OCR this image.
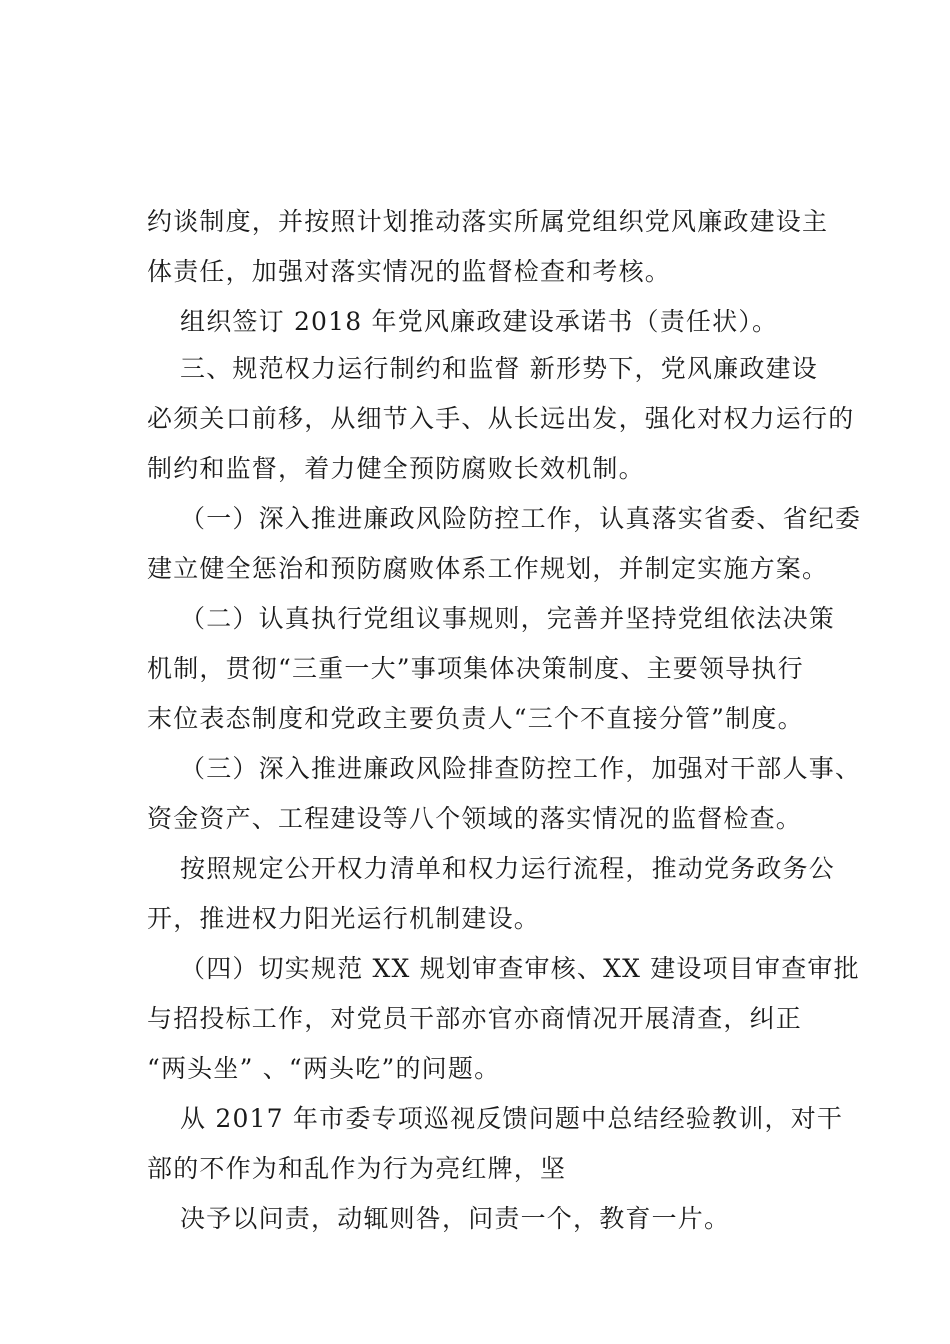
约谈制度，并按照计划推动落实所属党组织党风廉政建设主
体责任，加强对落实情况的监督检查和考核。
组织签订 2018 年党风廉政建设承诺书（责任状）。
三、规范权力运行制约和监督 新形势下，党风廉政建设
必须关口前移，从细节入手、从长远出发，强化对权力运行的
制约和监督，着力健全预防腐败长效机制。
（一）深入推进廉政风险防控工作，认真落实省委、省纪委
建立健全惩治和预防腐败体系工作规划，并制定实施方案。
（二）认真执行党组议事规则，完善并坚持党组依法决策
机制，贯彻“三重一大”事项集体决策制度、主要领导执行
末位表态制度和党政主要负责人“三个不直接分管”制度。
（三）深入推进廉政风险排查防控工作，加强对干部人事、
资金资产、工程建设等八个领域的落实情况的监督检查。
按照规定公开权力清单和权力运行流程，推动党务政务公
开，推进权力阳光运行机制建设。
（四）切实规范 XX 规划审查审核、XX 建设项目审查审批
与招投标工作，对党员干部亦官亦商情况开展清查，纠正
“两头坐” 、“两头吃”的问题。
从 2017 年市委专项巡视反馈问题中总结经验教训，对干
部的不作为和乱作为行为亮红牌，坚
决予以问责，动辄则咎，问责一个，教育一片。
